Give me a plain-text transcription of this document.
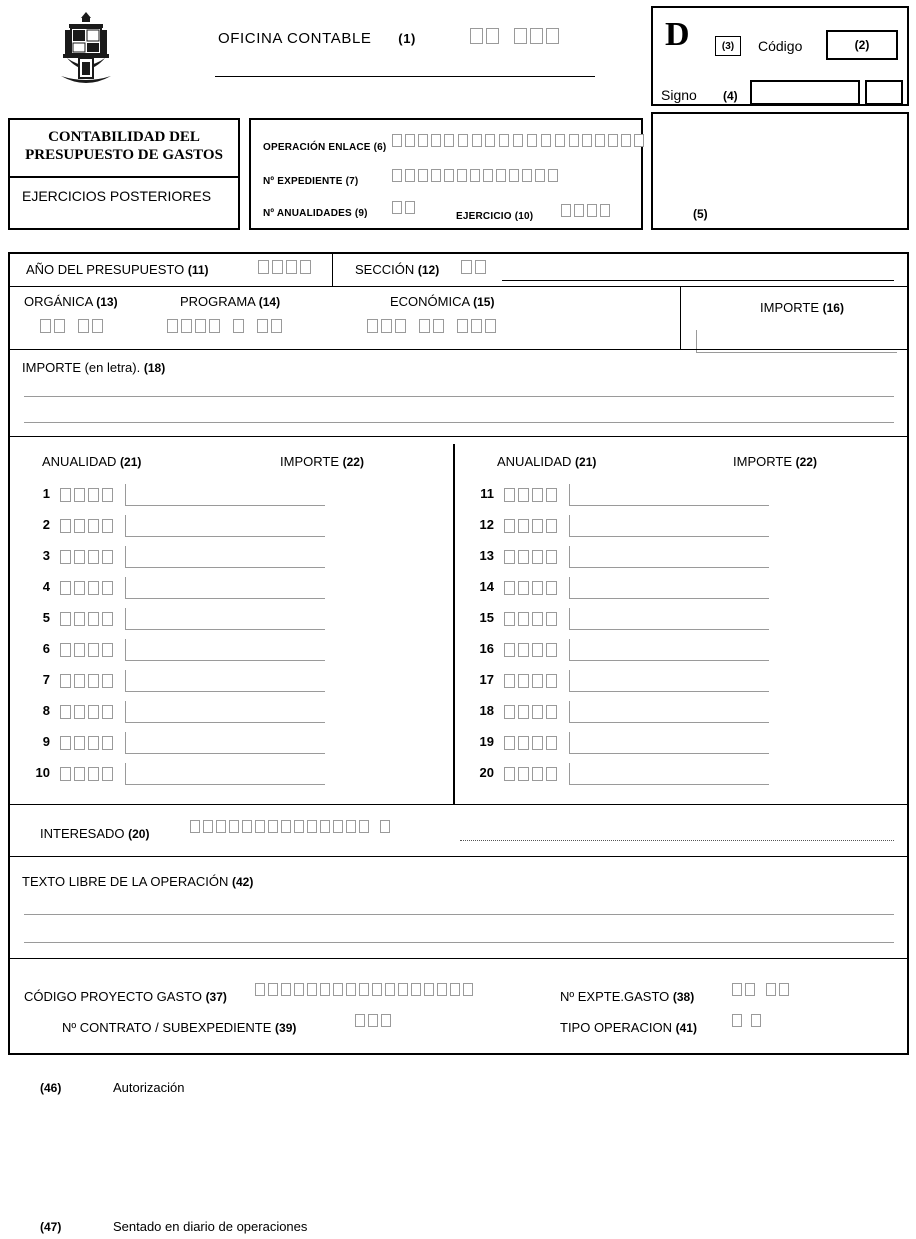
OFICINA CONTABLE (1)	D	(3)	Código	(2)
Signo (4)
(5)
CONTABILIDAD DEL
PRESUPUESTO DE GASTOS
EJERCICIOS POSTERIORES
OPERACIÓN ENLACE (6)
Nº EXPEDIENTE (7)
Nº ANUALIDADES (9)	EJERCICIO (10)
AÑO DEL PRESUPUESTO (11)	SECCIÓN (12)
ORGÁNICA (13)	PROGRAMA (14)	ECONÓMICA (15)	IMPORTE (16)
IMPORTE (en letra). (18)
ANUALIDAD (21)	IMPORTE (22)	ANUALIDAD (21)	IMPORTE (22)
1
2
3
4
5
6
7
8
9
10
11
12
13
14
15
16
17
18
19
20
INTERESADO (20)
TEXTO LIBRE DE LA OPERACIÓN (42)
CÓDIGO PROYECTO GASTO (37)
Nº CONTRATO / SUBEXPEDIENTE (39)
Nº EXPTE.GASTO (38)
TIPO OPERACION (41)
(46)	Autorización
(47)	Sentado en diario de operaciones
